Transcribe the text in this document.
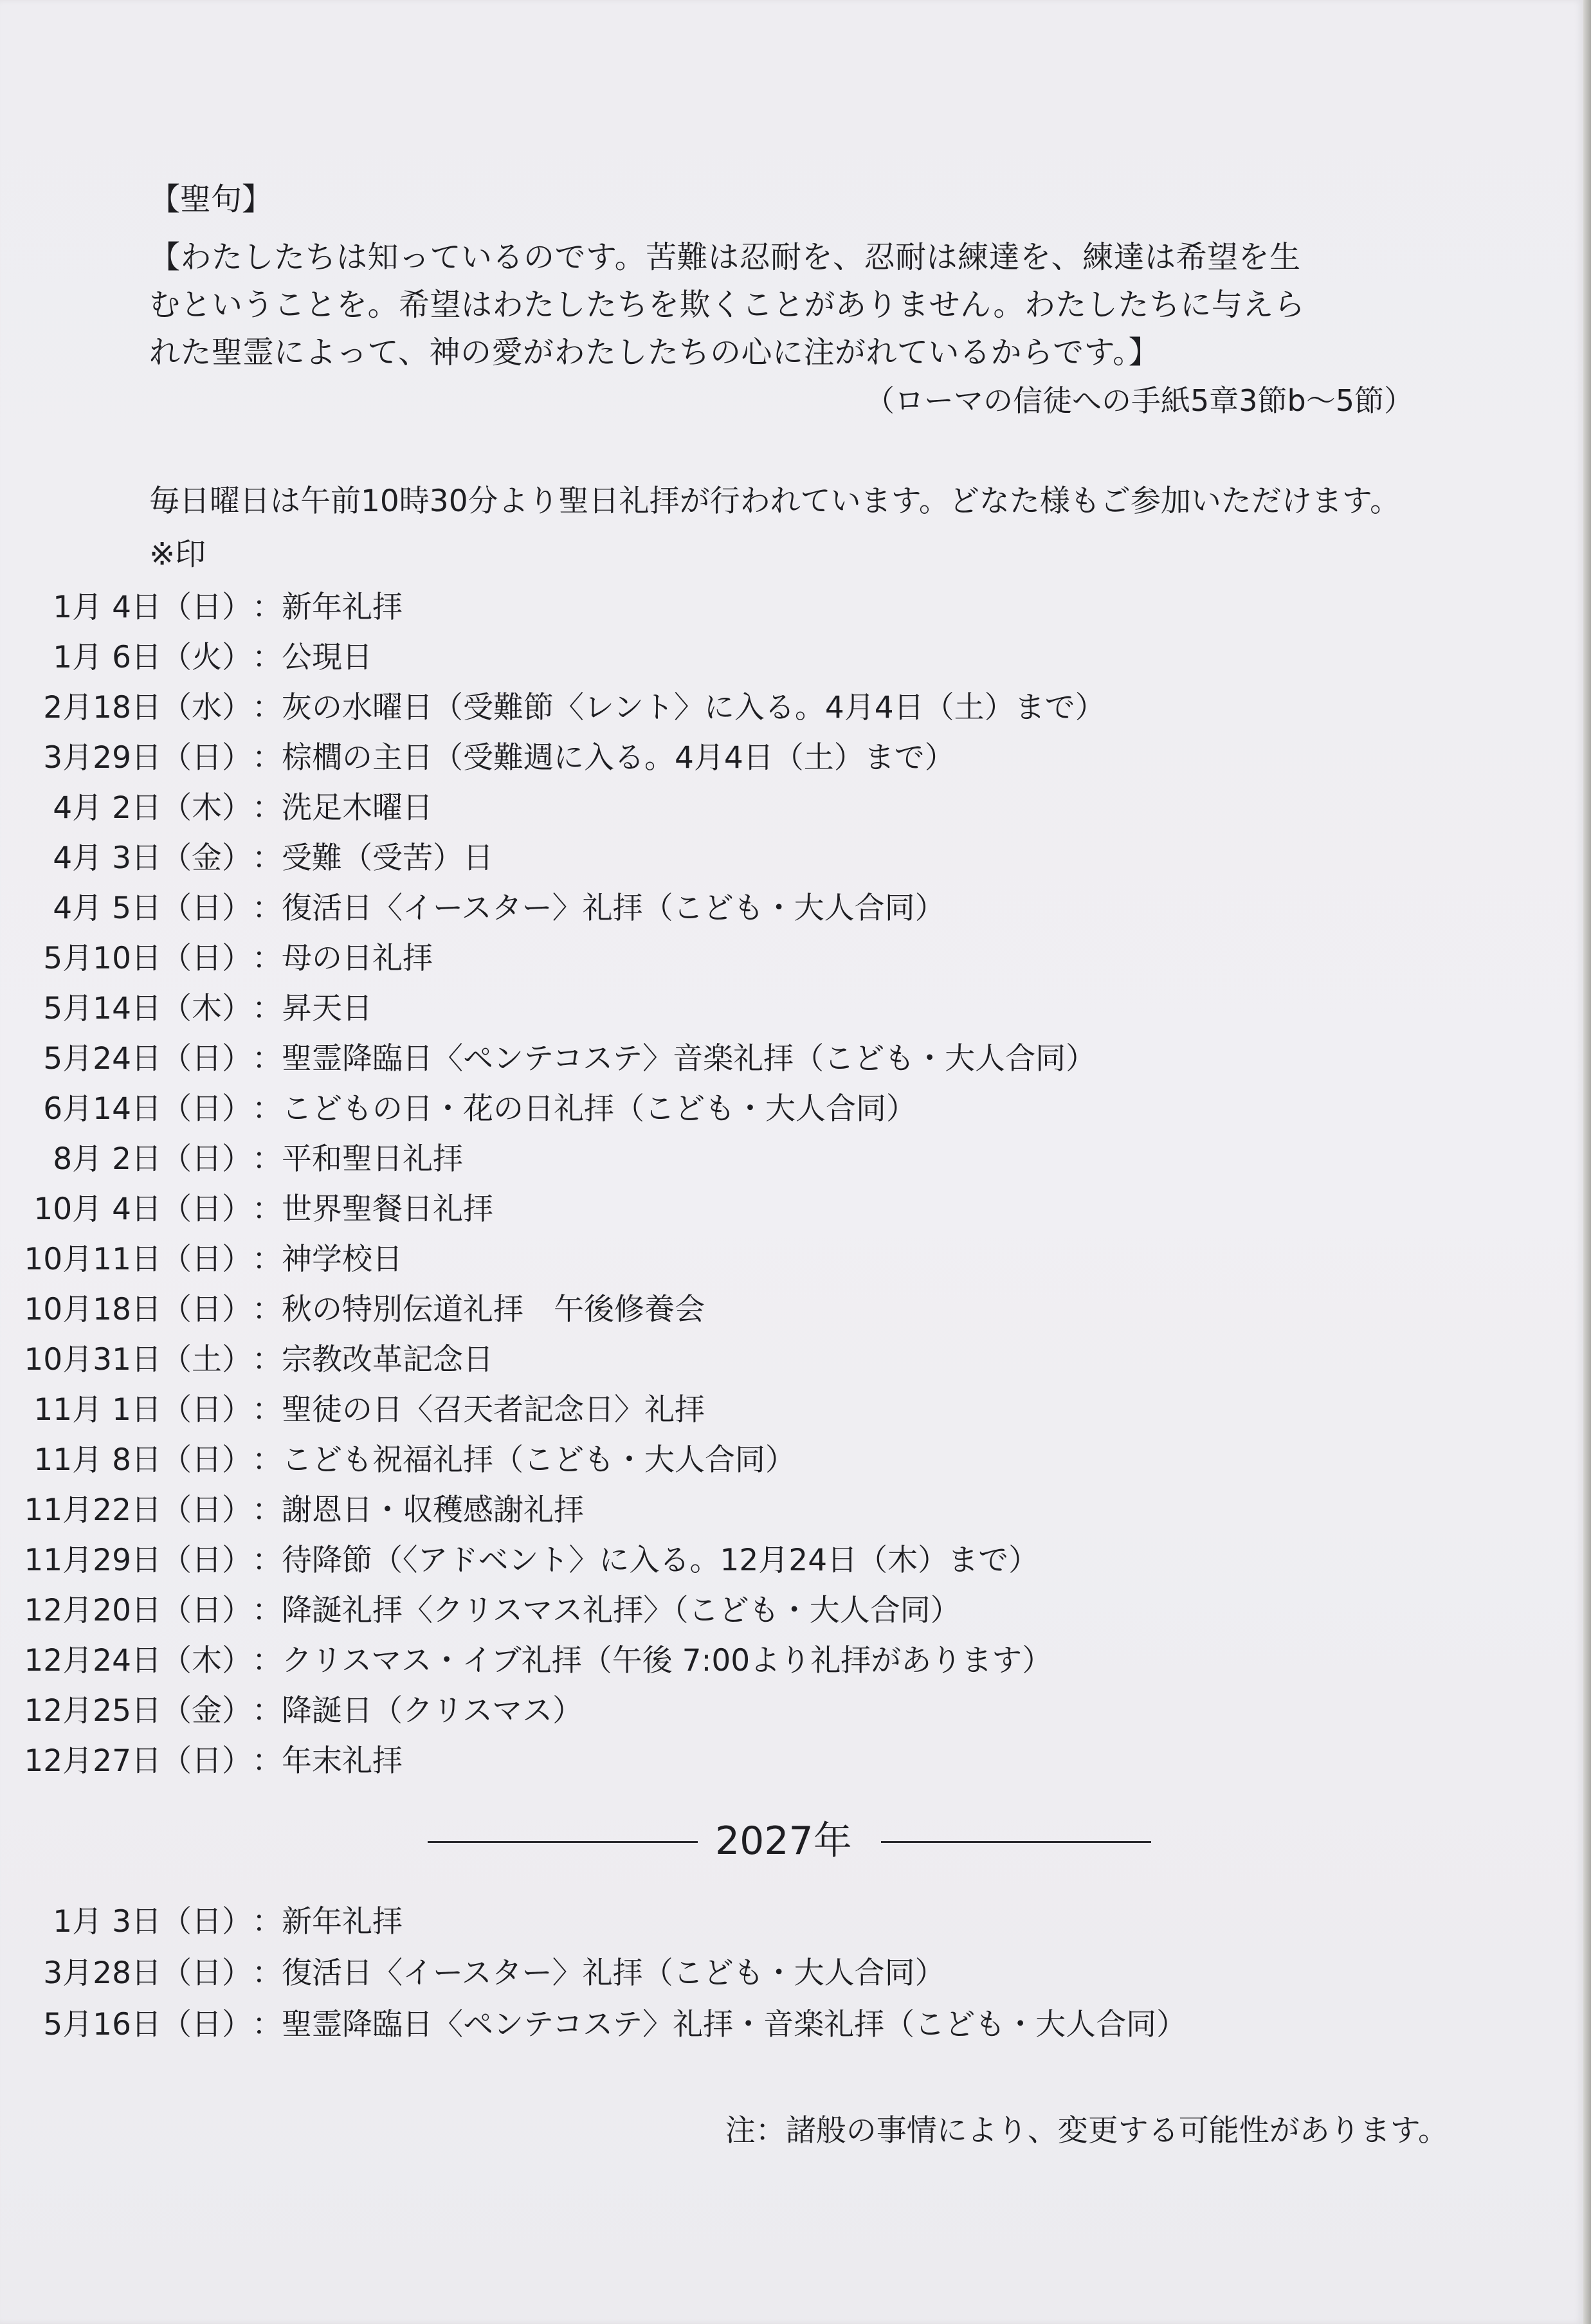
【聖句】
【わたしたちは知っているのです。苦難は忍耐を、忍耐は練達を、練達は希望を生
むということを。希望はわたしたちを欺くことがありません。わたしたちに与えら
れた聖霊によって、神の愛がわたしたちの心に注がれているからです。】
（ローマの信徒への手紙5章3節b～5節）
毎日曜日は午前10時30分より聖日礼拝が行われています。どなた様もご参加いただけます。
※印
1月 4日（日） ： 新年礼拝
1月 6日（火） ： 公現日
2月18日（水） ： 灰の水曜日（受難節〈レント〉に入る。4月4日（土）まで）
3月29日（日） ： 棕櫚の主日（受難週に入る。4月4日（土）まで）
4月 2日（木） ： 洗足木曜日
4月 3日（金） ： 受難（受苦）日
4月 5日（日） ： 復活日〈イースター〉礼拝（こども・大人合同）
5月10日（日） ： 母の日礼拝
5月14日（木） ： 昇天日
5月24日（日） ： 聖霊降臨日〈ペンテコステ〉音楽礼拝（こども・大人合同）
6月14日（日） ： こどもの日・花の日礼拝（こども・大人合同）
8月 2日（日） ： 平和聖日礼拝
10月 4日（日） ： 世界聖餐日礼拝
10月11日（日） ： 神学校日
10月18日（日） ： 秋の特別伝道礼拝　午後修養会
10月31日（土） ： 宗教改革記念日
11月 1日（日） ： 聖徒の日〈召天者記念日〉礼拝
11月 8日（日） ： こども祝福礼拝（こども・大人合同）
11月22日（日） ： 謝恩日・収穫感謝礼拝
11月29日（日） ： 待降節（〈アドベント〉に入る。12月24日（木）まで）
12月20日（日） ： 降誕礼拝〈クリスマス礼拝〉（こども・大人合同）
12月24日（木） ： クリスマス・イブ礼拝（午後 7:00より礼拝があります）
12月25日（金） ： 降誕日（クリスマス）
12月27日（日） ： 年末礼拝
2027年
1月 3日（日） ： 新年礼拝
3月28日（日） ： 復活日〈イースター〉礼拝（こども・大人合同）
5月16日（日） ： 聖霊降臨日〈ペンテコステ〉礼拝・音楽礼拝（こども・大人合同）
注：諸般の事情により、変更する可能性があります。
